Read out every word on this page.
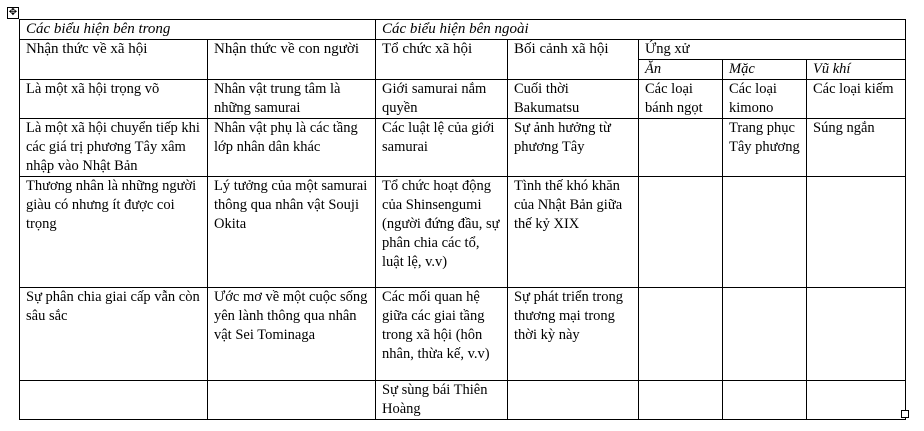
✥
Các biểu hiện bên trong		Các biểu hiện bên ngoài				
Nhận thức về xã hội	Nhận thức về con người	Tổ chức xã hội	Bối cảnh xã hội	Ứng xử		
				Ăn	Mặc	Vũ khí
Là một xã hội trọng võ	Nhân vật trung tâm là những samurai	Giới samurai nắm quyền	Cuối thời Bakumatsu	Các loại bánh ngọt	Các loại kimono	Các loại kiếm
Là một xã hội chuyển tiếp khi các giá trị phương Tây xâm nhập vào Nhật Bản	Nhân vật phụ là các tầng lớp nhân dân khác	Các luật lệ của giới samurai	Sự ảnh hưởng từ phương Tây		Trang phục Tây phương	Súng ngắn
Thương nhân là những người giàu có nhưng ít được coi trọng	Lý tưởng của một samurai thông qua nhân vật Souji Okita	Tổ chức hoạt động của Shinsengumi (người đứng đầu, sự phân chia các tổ, luật lệ, v.v)	Tình thế khó khăn của Nhật Bản giữa thế kỷ XIX			
Sự phân chia giai cấp vẫn còn sâu sắc	Ước mơ về một cuộc sống yên lành thông qua nhân vật Sei Tominaga	Các mối quan hệ giữa các giai tầng trong xã hội (hôn nhân, thừa kế, v.v)	Sự phát triển trong thương mại trong thời kỳ này			
		Sự sùng bái Thiên Hoàng				
